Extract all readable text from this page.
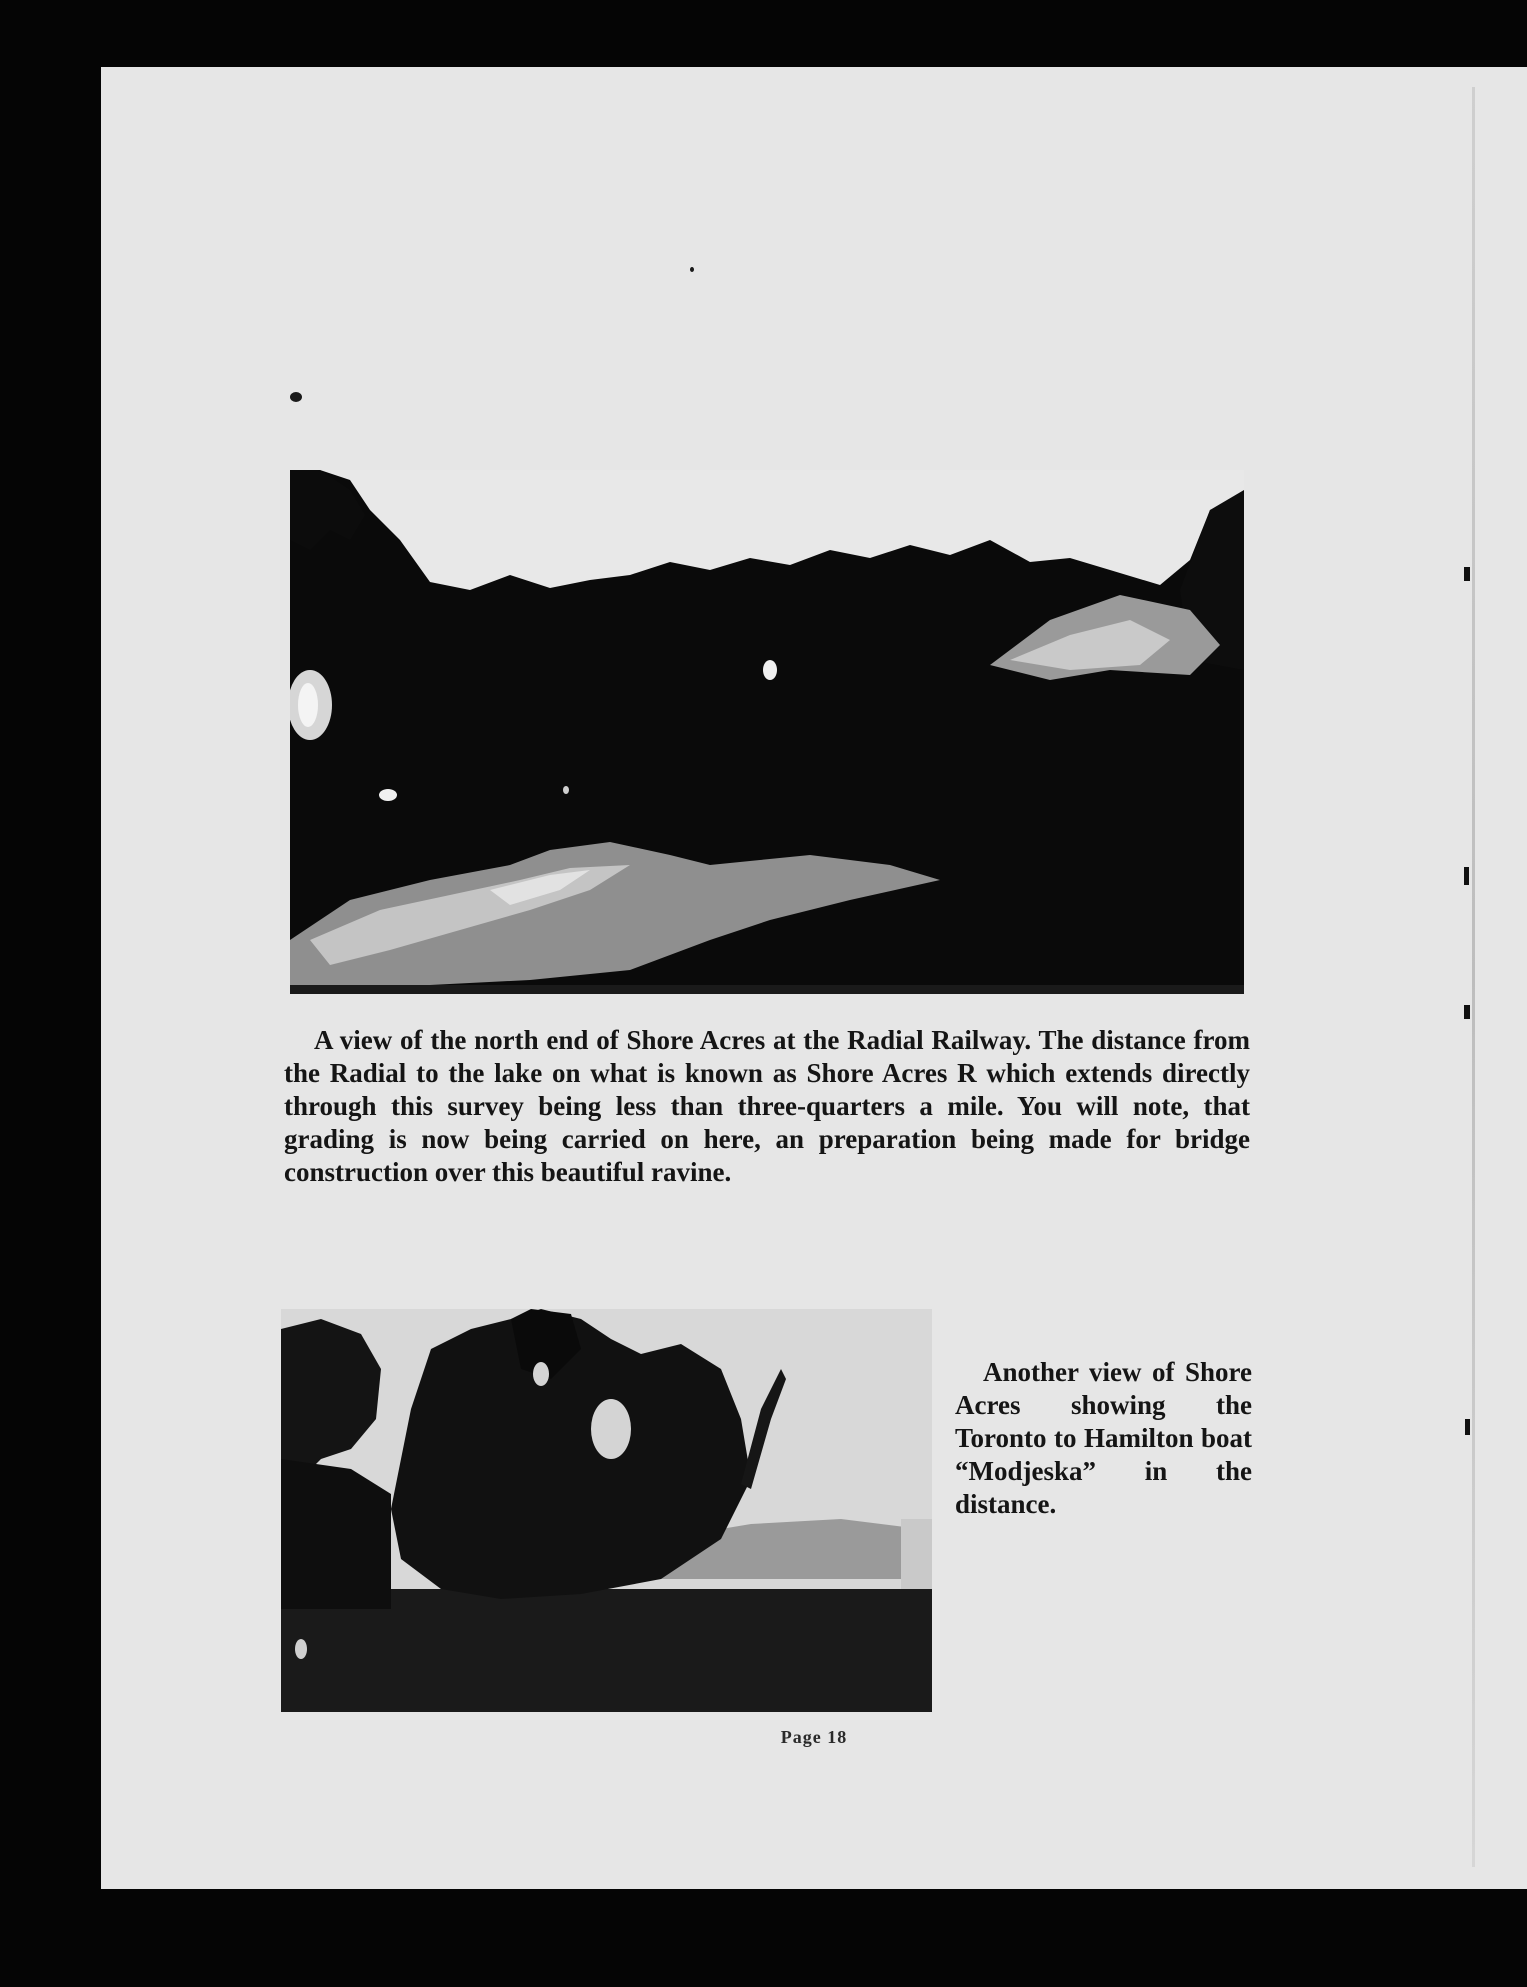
A view of the north end of Shore Acres at the Radial Railway. The distance from the Radial to the lake on what is known as Shore Acres R which extends directly through this survey being less than three-quarters a mile. You will note, that grading is now being carried on here, an preparation being made for bridge construction over this beautiful ravine.
Another view of Shore Acres showing the Toronto to Hamilton boat “Modjeska” in the distance.
Page 18
